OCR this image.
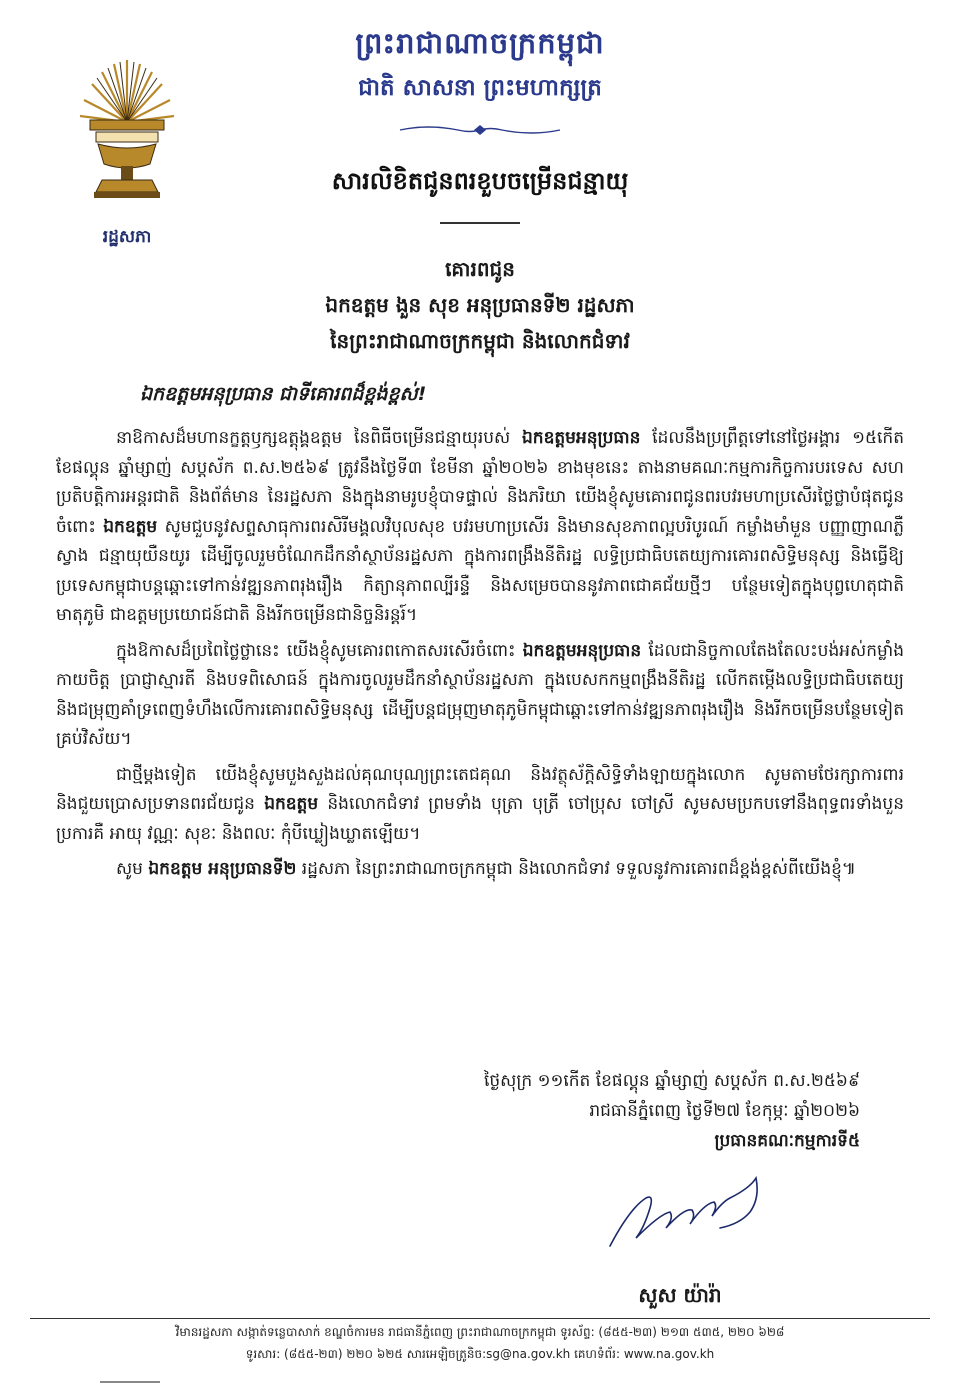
រដ្ឋសភា
ព្រះរាជាណាចក្រកម្ពុជា
ជាតិ សាសនា ព្រះមហាក្សត្រ
សារលិខិតជូនពរខួបចម្រើនជន្មាយុ
គោរពជូន
ឯកឧត្តម ងួន សុខ អនុប្រធានទី២ រដ្ឋសភា
នៃព្រះរាជាណាចក្រកម្ពុជា និងលោកជំទាវ
ឯកឧត្តមអនុប្រធាន ជាទីគោរពដ៏ខ្ពង់ខ្ពស់!

នាឱកាសដ៏មហានក្ខត្តឫក្សឧត្តុង្គឧត្តម នៃពិធីចម្រើនជន្មាយុរបស់ ឯកឧត្តមអនុប្រធាន ដែលនឹងប្រព្រឹត្តទៅនៅថ្ងៃអង្គារ ១៥កើត ខែផល្គុន ឆ្នាំម្សាញ់ សប្តស័ក ព.ស.២៥៦៩ ត្រូវនឹងថ្ងៃទី៣ ខែមីនា ឆ្នាំ២០២៦ ខាងមុខនេះ តាងនាមគណៈកម្មការកិច្ចការបរទេស សហប្រតិបត្តិការអន្តរជាតិ និងព័ត៌មាន នៃរដ្ឋសភា និងក្នុងនាមរូបខ្ញុំបាទផ្ទាល់ និងភរិយា យើងខ្ញុំសូមគោរពជូនពរបវរមហាប្រសើរថ្លៃថ្លាបំផុតជូនចំពោះ ឯកឧត្តម សូមជួបនូវសព្ទសាធុការពរសិរីមង្គលវិបុលសុខ បវរមហាប្រសើរ និងមានសុខភាពល្អបរិបូរណ៍ កម្លាំងមាំមួន បញ្ញាញាណភ្លឺស្វាង ជន្មាយុយឺនយូរ ដើម្បីចូលរួមចំណែកដឹកនាំស្ថាប័នរដ្ឋសភា ក្នុងការពង្រឹងនីតិរដ្ឋ លទ្ធិប្រជាធិបតេយ្យការគោរពសិទ្ធិមនុស្ស និងធ្វើឱ្យប្រទេសកម្ពុជាបន្តឆ្ពោះទៅកាន់វឌ្ឍនភាពរុងរឿង កិត្យានុភាពល្បីរន្ទឺ និងសម្រេចបាននូវភាពជោគជ័យថ្មីៗ បន្ថែមទៀតក្នុងបុព្វហេតុជាតិមាតុភូមិ ជាឧត្តមប្រយោជន៍ជាតិ និងរីកចម្រើនជានិច្ចនិរន្តរ៍។

ក្នុងឱកាសដ៏ប្រពៃថ្លៃថ្លានេះ យើងខ្ញុំសូមគោរពកោតសរសើរចំពោះ ឯកឧត្តមអនុប្រធាន ដែលជានិច្ចកាលតែងតែលះបង់អស់កម្លាំងកាយចិត្ត ប្រាជ្ញាស្មារតី និងបទពិសោធន៍ ក្នុងការចូលរួមដឹកនាំស្ថាប័នរដ្ឋសភា ក្នុងបេសកកម្មពង្រឹងនីតិរដ្ឋ លើកតម្កើងលទ្ធិប្រជាធិបតេយ្យ និងជម្រុញគាំទ្រពេញទំហឹងលើការគោរពសិទ្ធិមនុស្ស ដើម្បីបន្តជម្រុញមាតុភូមិកម្ពុជាឆ្ពោះទៅកាន់វឌ្ឍនភាពរុងរឿង និងរីកចម្រើនបន្ថែមទៀតគ្រប់វិស័យ។

ជាថ្មីម្តងទៀត យើងខ្ញុំសូមបួងសួងដល់គុណបុណ្យព្រះតេជគុណ និងវត្ថុស័ក្តិសិទ្ធិទាំងឡាយក្នុងលោក សូមតាមថែរក្សាការពារ និងជួយប្រោសប្រទានពរជ័យជូន ឯកឧត្តម និងលោកជំទាវ ព្រមទាំង បុត្រា បុត្រី ចៅប្រុស ចៅស្រី សូមសមប្រកបទៅនឹងពុទ្ធពរទាំងបួនប្រការគឺ អាយុ វណ្ណៈ សុខៈ និងពលៈ កុំបីឃ្លៀងឃ្លាតឡើយ។

សូម ឯកឧត្តម អនុប្រធានទី២ រដ្ឋសភា នៃព្រះរាជាណាចក្រកម្ពុជា និងលោកជំទាវ ទទួលនូវការគោរពដ៏ខ្ពង់ខ្ពស់ពីយើងខ្ញុំ៕

ថ្ងៃសុក្រ ១១កើត ខែផល្គុន ឆ្នាំម្សាញ់ សប្តស័ក ព.ស.២៥៦៩
រាជធានីភ្នំពេញ ថ្ងៃទី២៧ ខែកុម្ភៈ ឆ្នាំ២០២៦
ប្រធានគណៈកម្មការទី៥
សួស យ៉ារ៉ា
វិមានរដ្ឋសភា សង្កាត់ទន្លេបាសាក់ ខណ្ឌចំការមន រាជធានីភ្នំពេញ ព្រះរាជាណាចក្រកម្ពុជា ទូរស័ព្ទ: (៨៥៥-២៣) ២១៣ ៥៣៥, ២២០ ៦២៨
ទូរសារ: (៨៥៥-២៣) ២២០ ៦២៥ សារអេឡិចត្រូនិច:sg@na.gov.kh គេហទំព័រ: www.na.gov.kh
